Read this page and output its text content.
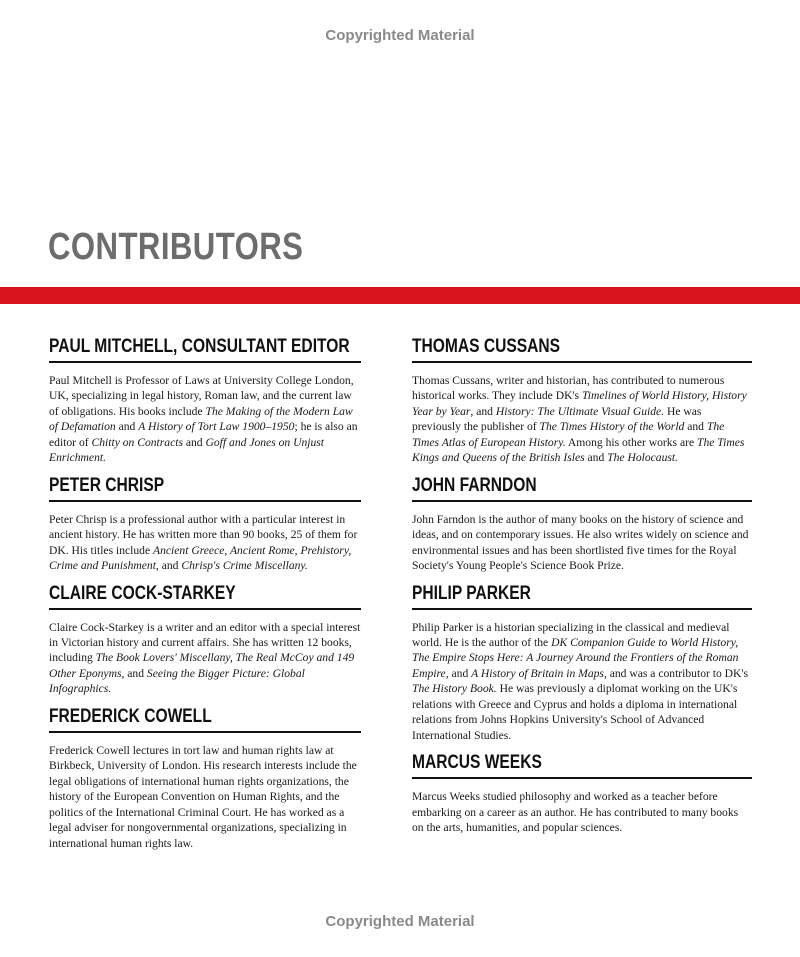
Copyrighted Material
CONTRIBUTORS
PAUL MITCHELL, CONSULTANT EDITOR

Paul Mitchell is Professor of Laws at University College London, UK, specializing in legal history, Roman law, and the current law of obligations. His books include The Making of the Modern Law of Defamation and A History of Tort Law 1900–1950; he is also an editor of Chitty on Contracts and Goff and Jones on Unjust Enrichment.

PETER CHRISP

Peter Chrisp is a professional author with a particular interest in ancient history. He has written more than 90 books, 25 of them for DK. His titles include Ancient Greece, Ancient Rome, Prehistory, Crime and Punishment, and Chrisp's Crime Miscellany.

CLAIRE COCK-STARKEY

Claire Cock-Starkey is a writer and an editor with a special interest in Victorian history and current affairs. She has written 12 books, including The Book Lovers' Miscellany, The Real McCoy and 149 Other Eponyms, and Seeing the Bigger Picture: Global Infographics.

FREDERICK COWELL

Frederick Cowell lectures in tort law and human rights law at Birkbeck, University of London. His research interests include the legal obligations of international human rights organizations, the history of the European Convention on Human Rights, and the politics of the International Criminal Court. He has worked as a legal adviser for nongovernmental organizations, specializing in international human rights law.

THOMAS CUSSANS

Thomas Cussans, writer and historian, has contributed to numerous historical works. They include DK's Timelines of World History, History Year by Year, and History: The Ultimate Visual Guide. He was previously the publisher of The Times History of the World and The Times Atlas of European History. Among his other works are The Times Kings and Queens of the British Isles and The Holocaust.

JOHN FARNDON

John Farndon is the author of many books on the history of science and ideas, and on contemporary issues. He also writes widely on science and environmental issues and has been shortlisted five times for the Royal Society's Young People's Science Book Prize.

PHILIP PARKER

Philip Parker is a historian specializing in the classical and medieval world. He is the author of the DK Companion Guide to World History, The Empire Stops Here: A Journey Around the Frontiers of the Roman Empire, and A History of Britain in Maps, and was a contributor to DK's The History Book. He was previously a diplomat working on the UK's relations with Greece and Cyprus and holds a diploma in international relations from Johns Hopkins University's School of Advanced International Studies.

MARCUS WEEKS

Marcus Weeks studied philosophy and worked as a teacher before embarking on a career as an author. He has contributed to many books on the arts, humanities, and popular sciences.

Copyrighted Material
